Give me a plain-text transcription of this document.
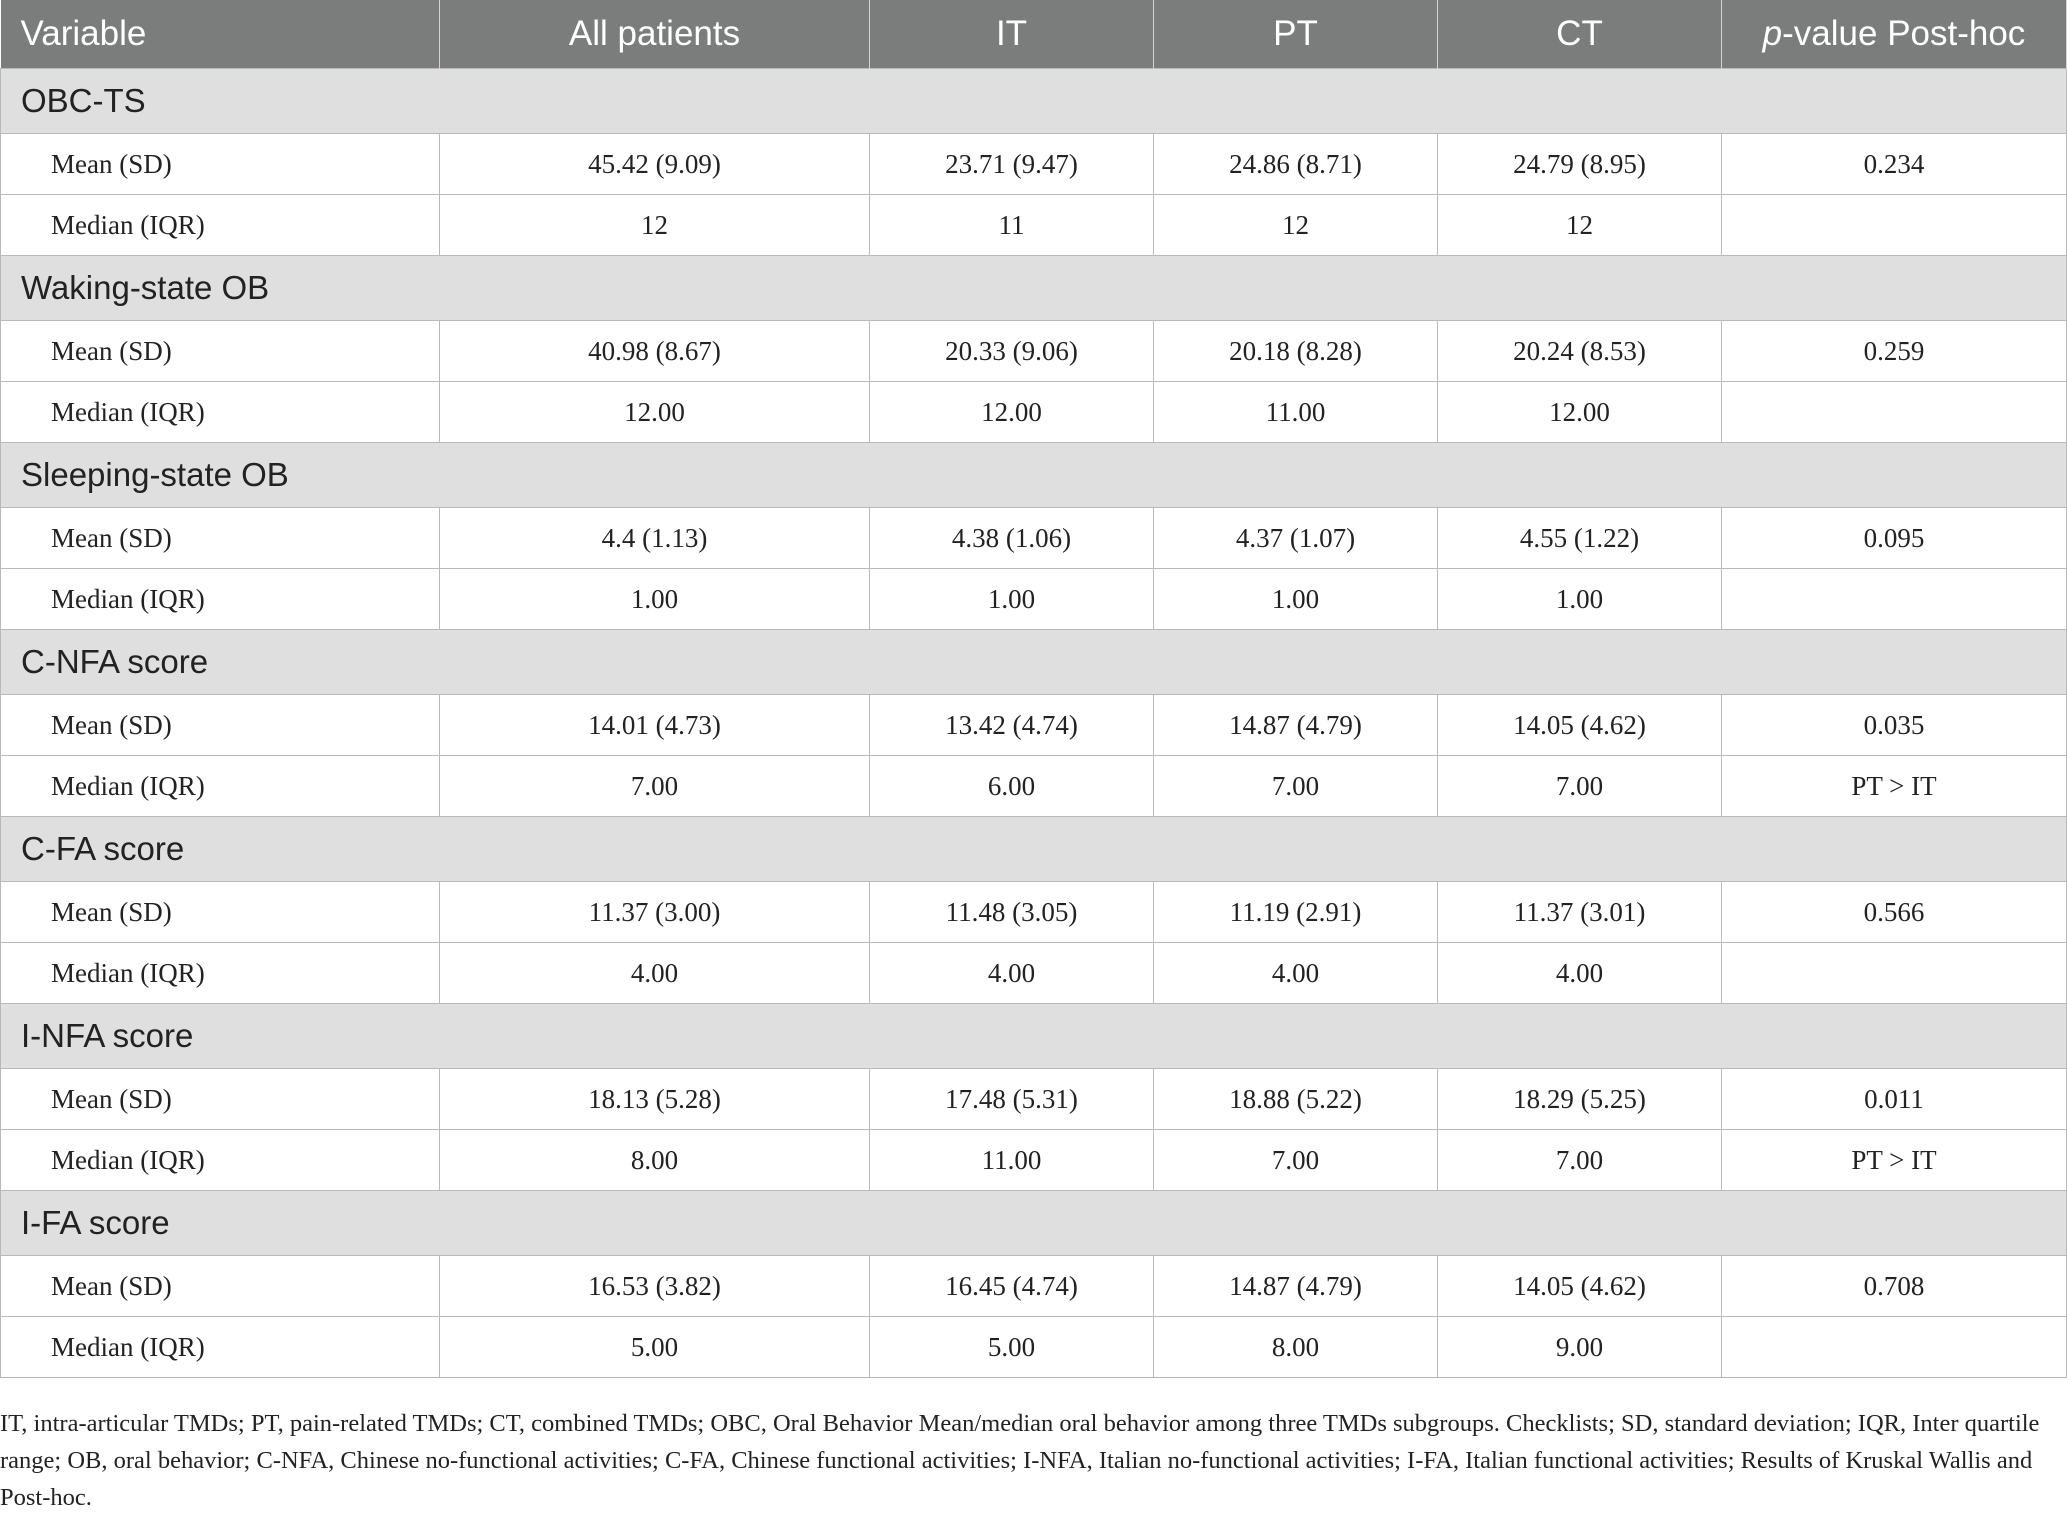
Variable	All patients	IT	PT	CT	p-value Post-hoc
OBC-TS					
Mean (SD)	45.42 (9.09)	23.71 (9.47)	24.86 (8.71)	24.79 (8.95)	0.234
Median (IQR)	12	11	12	12	
Waking-state OB					
Mean (SD)	40.98 (8.67)	20.33 (9.06)	20.18 (8.28)	20.24 (8.53)	0.259
Median (IQR)	12.00	12.00	11.00	12.00	
Sleeping-state OB					
Mean (SD)	4.4 (1.13)	4.38 (1.06)	4.37 (1.07)	4.55 (1.22)	0.095
Median (IQR)	1.00	1.00	1.00	1.00	
C-NFA score					
Mean (SD)	14.01 (4.73)	13.42 (4.74)	14.87 (4.79)	14.05 (4.62)	0.035
Median (IQR)	7.00	6.00	7.00	7.00	PT > IT
C-FA score					
Mean (SD)	11.37 (3.00)	11.48 (3.05)	11.19 (2.91)	11.37 (3.01)	0.566
Median (IQR)	4.00	4.00	4.00	4.00	
I-NFA score					
Mean (SD)	18.13 (5.28)	17.48 (5.31)	18.88 (5.22)	18.29 (5.25)	0.011
Median (IQR)	8.00	11.00	7.00	7.00	PT > IT
I-FA score					
Mean (SD)	16.53 (3.82)	16.45 (4.74)	14.87 (4.79)	14.05 (4.62)	0.708
Median (IQR)	5.00	5.00	8.00	9.00	
IT, intra-articular TMDs; PT, pain-related TMDs; CT, combined TMDs; OBC, Oral Behavior Mean/median oral behavior among three TMDs subgroups. Checklists; SD, standard deviation; IQR, Inter quartile range; OB, oral behavior; C-NFA, Chinese no-functional activities; C-FA, Chinese functional activities; I-NFA, Italian no-functional activities; I-FA, Italian functional activities; Results of Kruskal Wallis and Post-hoc.
